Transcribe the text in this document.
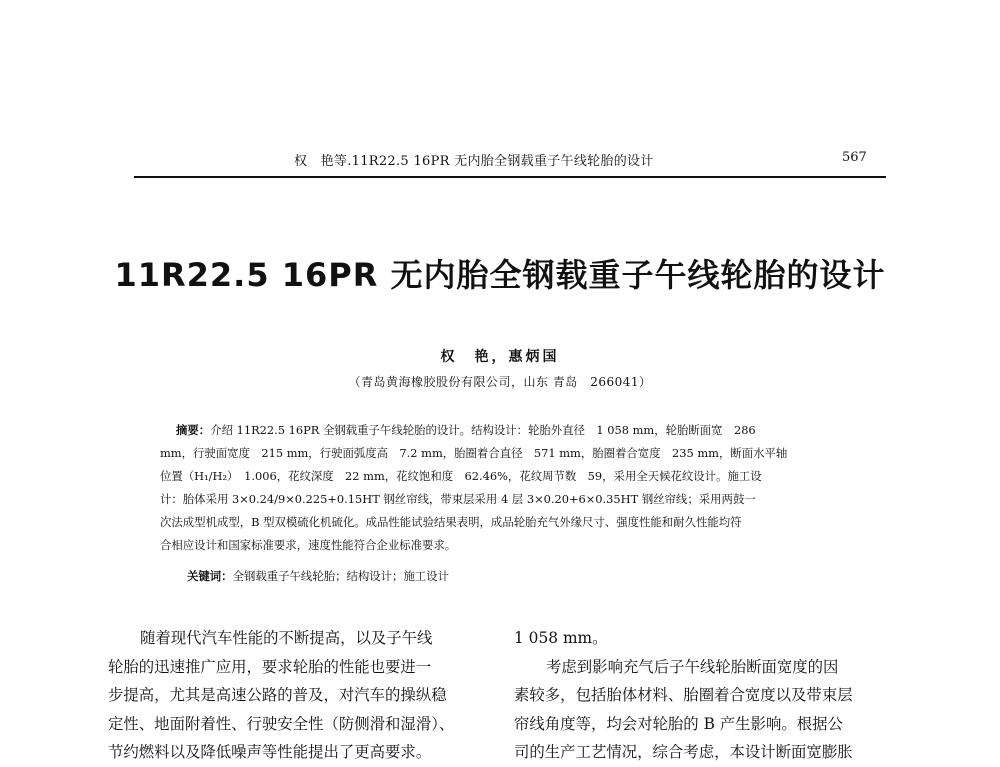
权　艳等.11R22.5 16PR 无内胎全钢载重子午线轮胎的设计	567
11R22.5 16PR 无内胎全钢载重子午线轮胎的设计
权　艳，惠炳国
（青岛黄海橡胶股份有限公司，山东 青岛　266041）
摘要：介绍 11R22.5 16PR 全钢载重子午线轮胎的设计。结构设计：轮胎外直径　1 058 mm，轮胎断面宽　286
mm，行驶面宽度　215 mm，行驶面弧度高　7.2 mm，胎圈着合直径　571 mm，胎圈着合宽度　235 mm，断面水平轴
位置（H₁/H₂）　1.006，花纹深度　22 mm，花纹饱和度　62.46%，花纹周节数　59，采用全天候花纹设计。施工设
计：胎体采用 3×0.24/9×0.225+0.15HT 钢丝帘线，带束层采用 4 层 3×0.20+6×0.35HT 钢丝帘线；采用两鼓一
次法成型机成型，B 型双模硫化机硫化。成品性能试验结果表明，成品轮胎充气外缘尺寸、强度性能和耐久性能均符
合相应设计和国家标准要求，速度性能符合企业标准要求。
关键词：全钢载重子午线轮胎；结构设计；施工设计
随着现代汽车性能的不断提高，以及子午线
轮胎的迅速推广应用，要求轮胎的性能也要进一
步提高，尤其是高速公路的普及，对汽车的操纵稳
定性、地面附着性、行驶安全性（防侧滑和湿滑）、
节约燃料以及降低噪声等性能提出了更高要求。
1 058 mm。
考虑到影响充气后子午线轮胎断面宽度的因
素较多，包括胎体材料、胎圈着合宽度以及带束层
帘线角度等，均会对轮胎的 B 产生影响。根据公
司的生产工艺情况，综合考虑，本设计断面宽膨胀
